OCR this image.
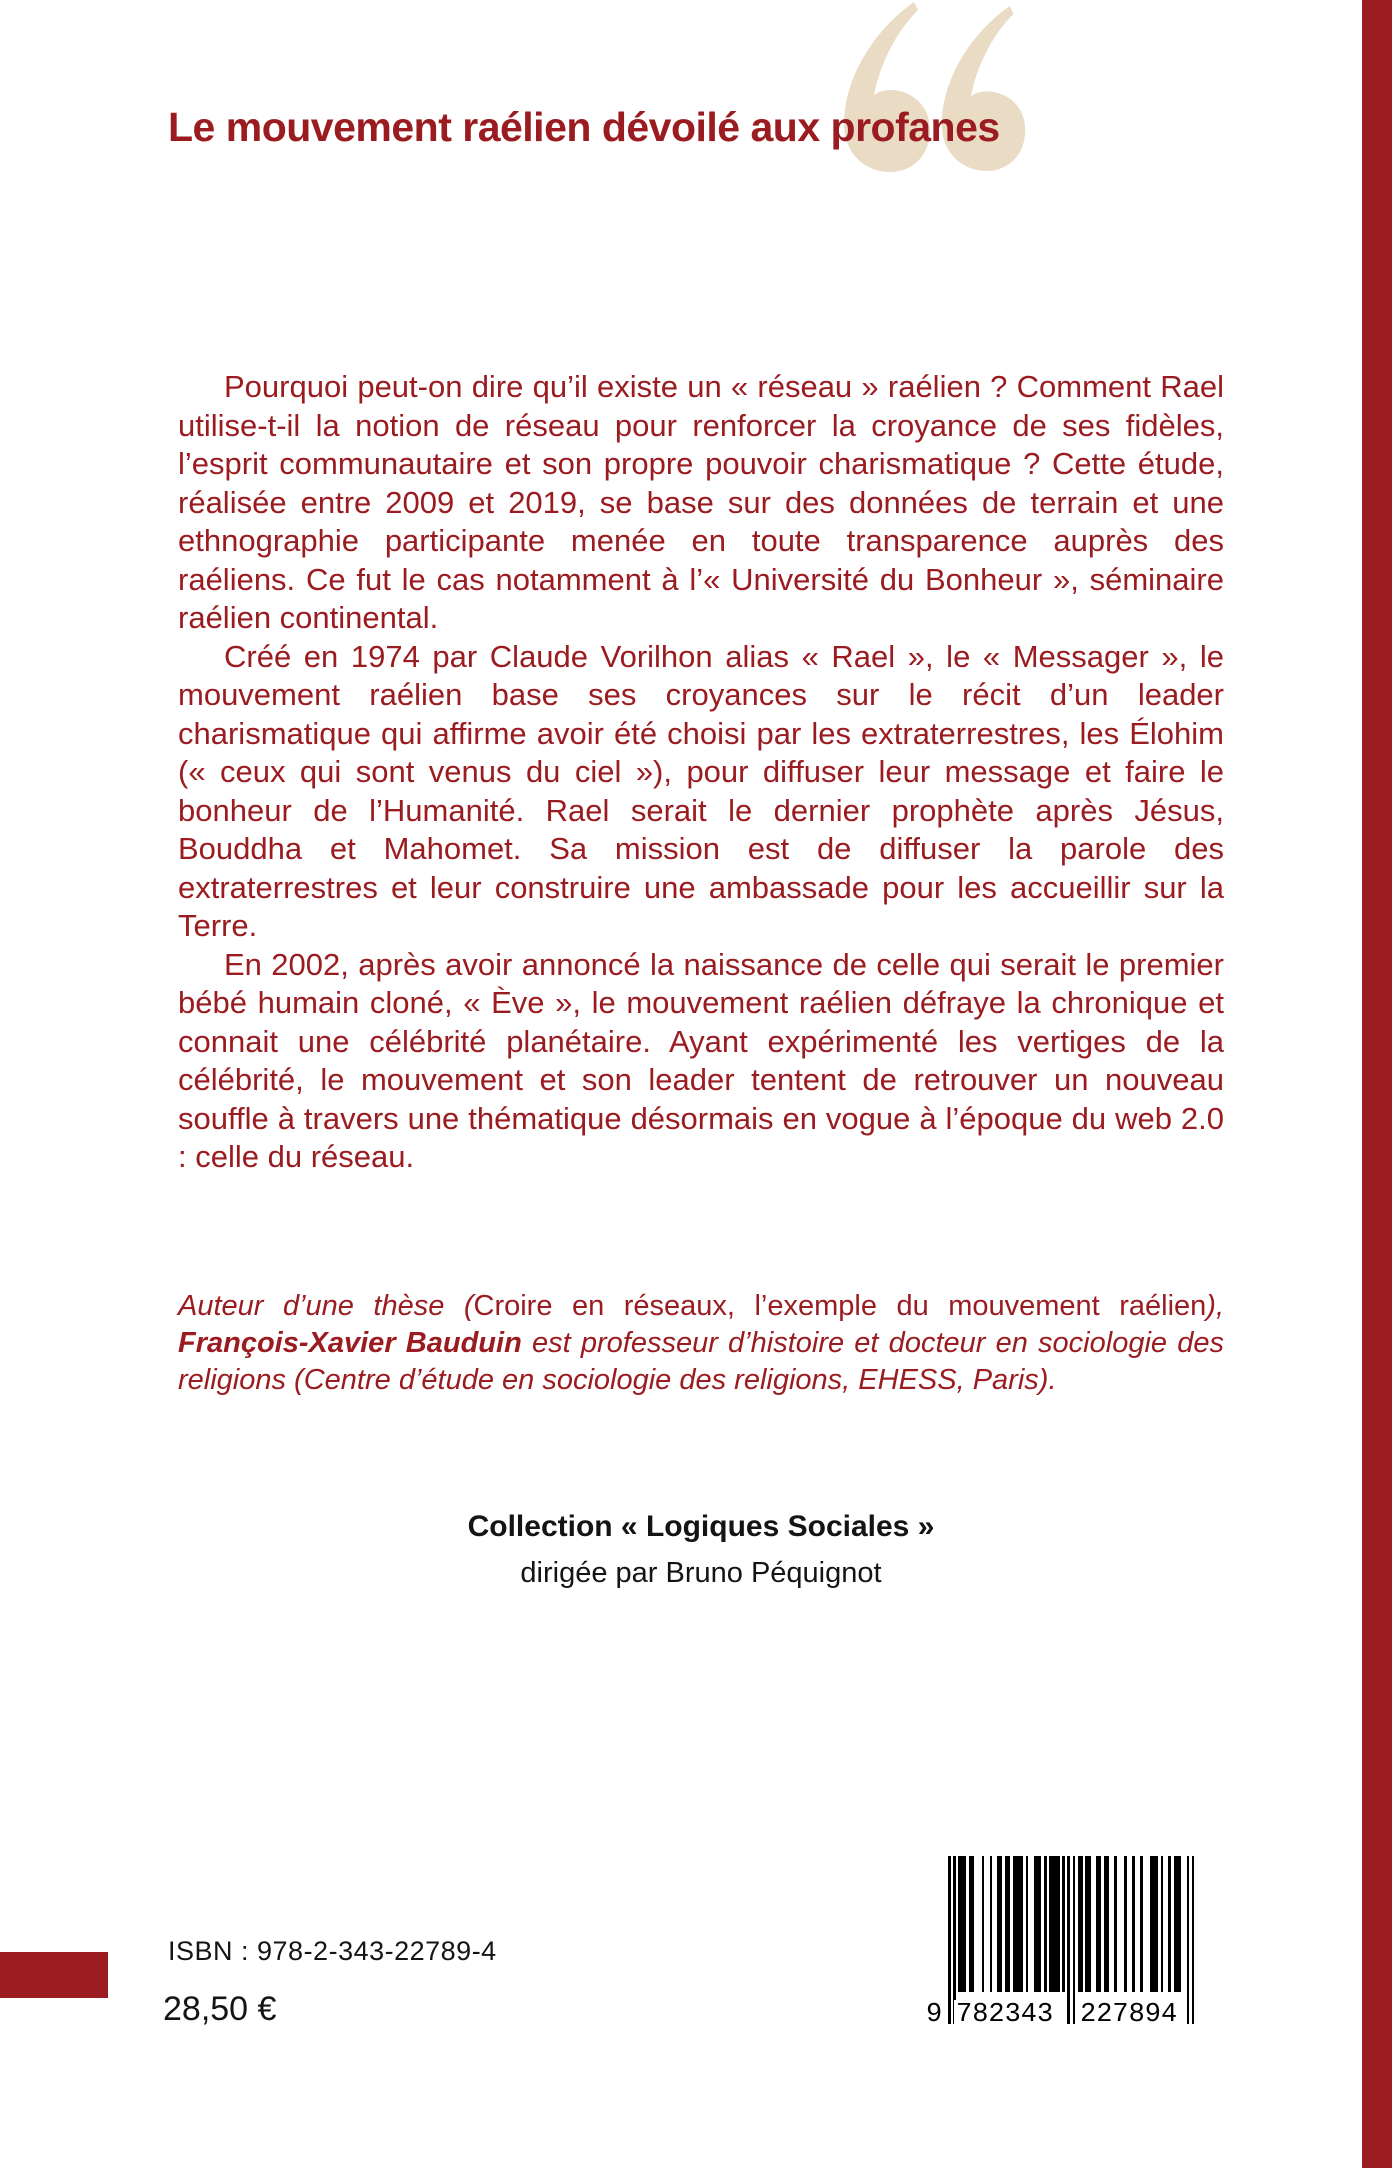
Le mouvement raélien dévoilé aux profanes

Pourquoi peut-on dire qu’il existe un « réseau » raélien ? Comment Rael utilise-t-il la notion de réseau pour renforcer la croyance de ses fidèles, l’esprit communautaire et son propre pouvoir charismatique ? Cette étude, réalisée entre 2009 et 2019, se base sur des données de terrain et une ethnographie participante menée en toute transparence auprès des raéliens. Ce fut le cas notamment à l’« Université du Bonheur », séminaire raélien continental.

Créé en 1974 par Claude Vorilhon alias « Rael », le « Messager », le mouvement raélien base ses croyances sur le récit d’un leader charismatique qui affirme avoir été choisi par les extraterrestres, les Élohim (« ceux qui sont venus du ciel »), pour diffuser leur message et faire le bonheur de l’Humanité. Rael serait le dernier prophète après Jésus, Bouddha et Mahomet. Sa mission est de diffuser la parole des extraterrestres et leur construire une ambassade pour les accueillir sur la Terre.

En 2002, après avoir annoncé la naissance de celle qui serait le premier bébé humain cloné, « Ève », le mouvement raélien défraye la chronique et connait une célébrité planétaire. Ayant expérimenté les vertiges de la célébrité, le mouvement et son leader tentent de retrouver un nouveau souffle à travers une thématique désormais en vogue à l’époque du web 2.0 : celle du réseau.

Auteur d’une thèse (Croire en réseaux, l’exemple du mouvement raélien), François-Xavier Bauduin est professeur d’histoire et docteur en sociologie des religions (Centre d’étude en sociologie des religions, EHESS, Paris).

Collection « Logiques Sociales »
dirigée par Bruno Péquignot
ISBN : 978-2-343-22789-4
28,50 €	9 782343 227894
